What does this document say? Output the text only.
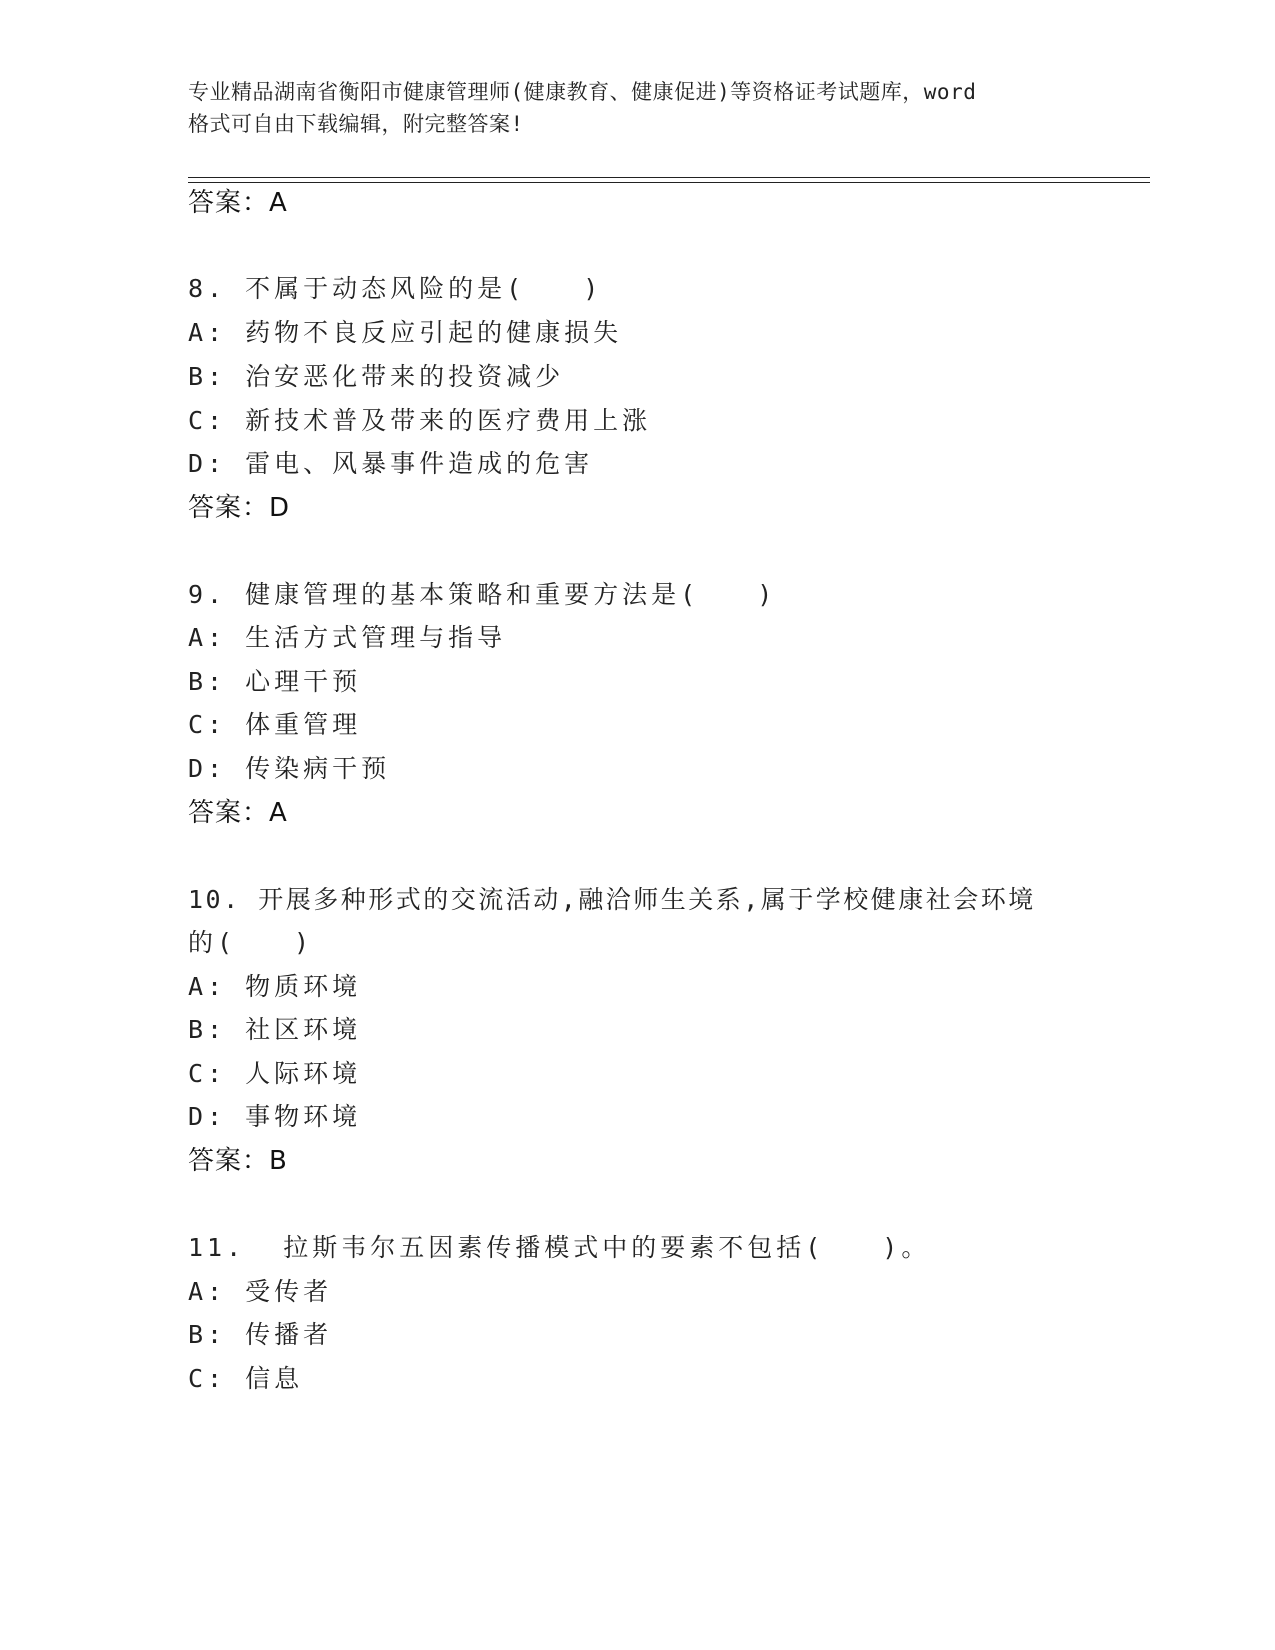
专业精品湖南省衡阳市健康管理师(健康教育、健康促进)等资格证考试题库，word
格式可自由下载编辑，附完整答案!
答案：A
8. 不属于动态风险的是(　　)
A: 药物不良反应引起的健康损失
B: 治安恶化带来的投资减少
C: 新技术普及带来的医疗费用上涨
D: 雷电、风暴事件造成的危害
答案：D
9. 健康管理的基本策略和重要方法是(　　)
A: 生活方式管理与指导
B: 心理干预
C: 体重管理
D: 传染病干预
答案：A
10. 开展多种形式的交流活动,融洽师生关系,属于学校健康社会环境
的(　　)
A: 物质环境
B: 社区环境
C: 人际环境
D: 事物环境
答案：B
11.  拉斯韦尔五因素传播模式中的要素不包括(　　)。
A: 受传者
B: 传播者
C: 信息
